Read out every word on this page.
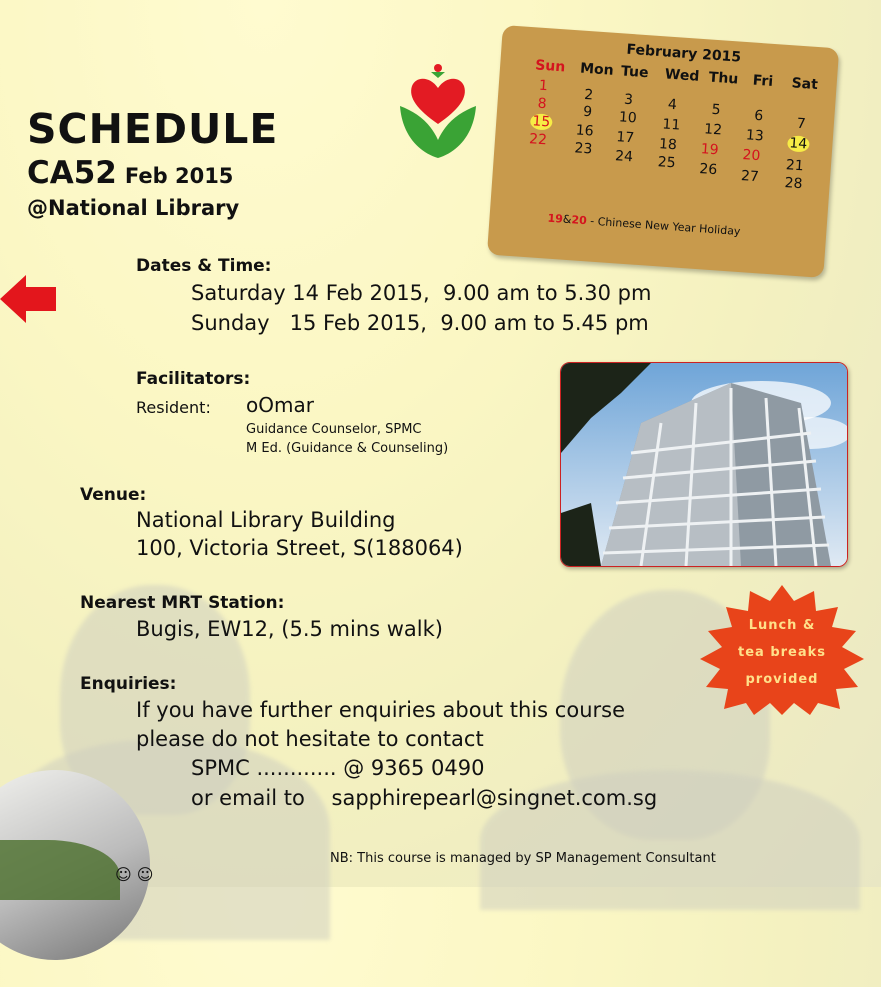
SCHEDULE
CA52 Feb 2015
@National Library
February 2015
Sun Mon Tue Wed Thu Fri Sat
1
2 3 4 5 6 7
8	9 10 11 12 13 14
15
16 17 18 19 20
21
22
23 24 25 26 27 28
19&20 - Chinese New Year Holiday
Dates & Time:
Saturday 14 Feb 2015,  9.00 am to 5.30 pm
Sunday   15 Feb 2015,  9.00 am to 5.45 pm
Facilitators:
Resident: oOmar
Guidance Counselor, SPMC
M Ed. (Guidance & Counseling)
Venue:
National Library Building
100, Victoria Street, S(188064)
Nearest MRT Station:
Bugis, EW12, (5.5 mins walk)
Enquiries:
If you have further enquiries about this course
please do not hesitate to contact
SPMC ............ @ 9365 0490
or email to    sapphirepearl@singnet.com.sg
Lunch &
tea breaks
provided
NB: This course is managed by SP Management Consultant
☺ ☺
